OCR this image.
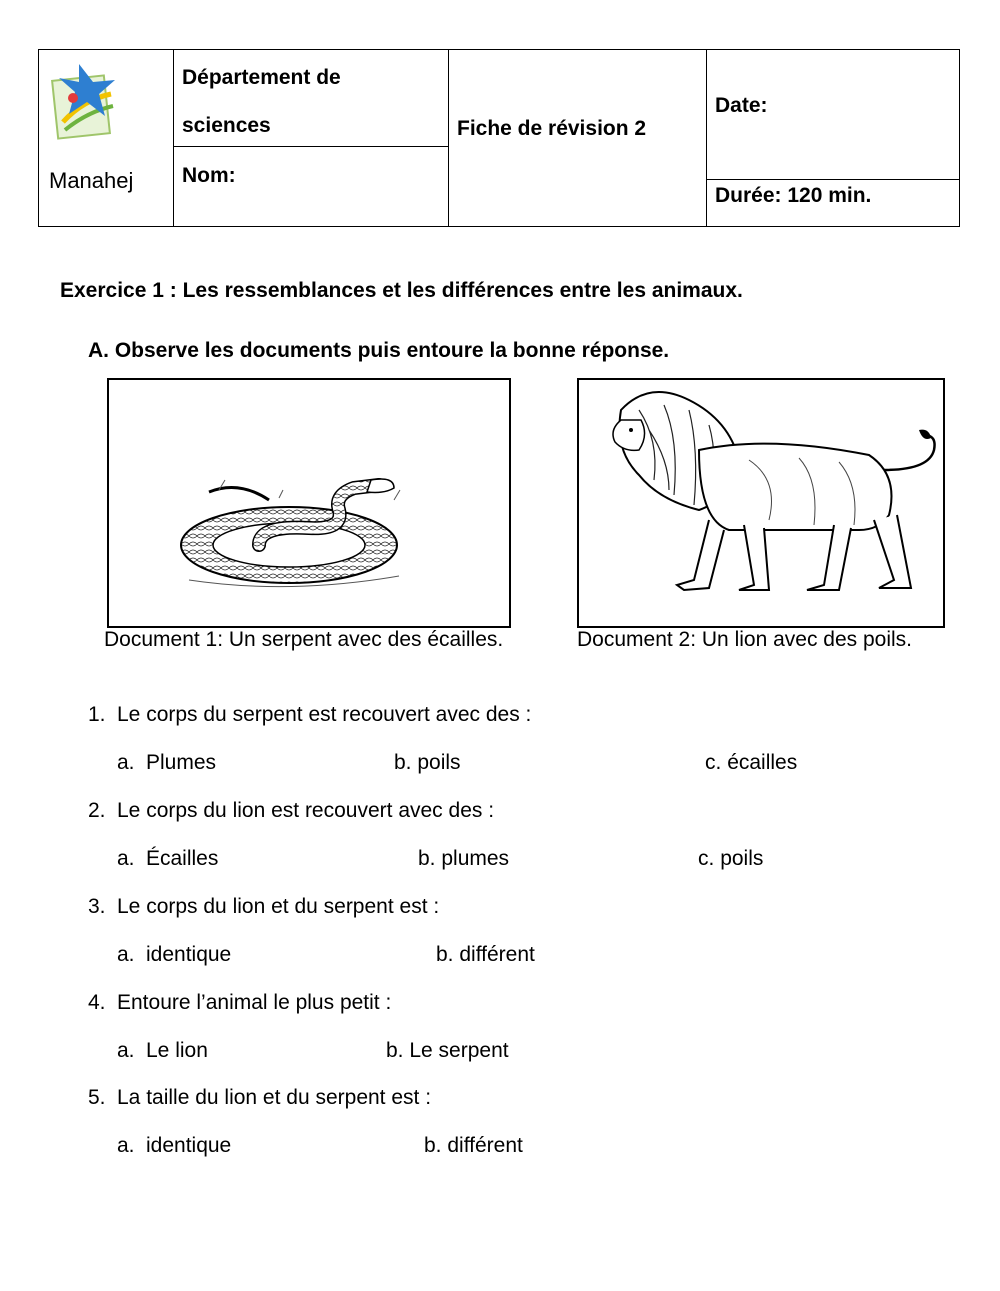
Manahej
Département de
sciences
Nom:
Fiche de révision 2
Date:
Durée: 120 min.
Exercice 1 : Les ressemblances et les différences entre les animaux.
A. Observe les documents puis entoure la bonne réponse.
Document 1: Un serpent avec des écailles.	Document 2: Un lion avec des poils.
1. Le corps du serpent est recouvert avec des :
a. Plumes	b. poils	c. écailles
2. Le corps du lion est recouvert avec des :
a. Écailles	b. plumes	c. poils
3. Le corps du lion et du serpent est :
a. identique	b. différent
4. Entoure l’animal le plus petit :
a. Le lion	b. Le serpent
5. La taille du lion et du serpent est :
a. identique	b. différent
